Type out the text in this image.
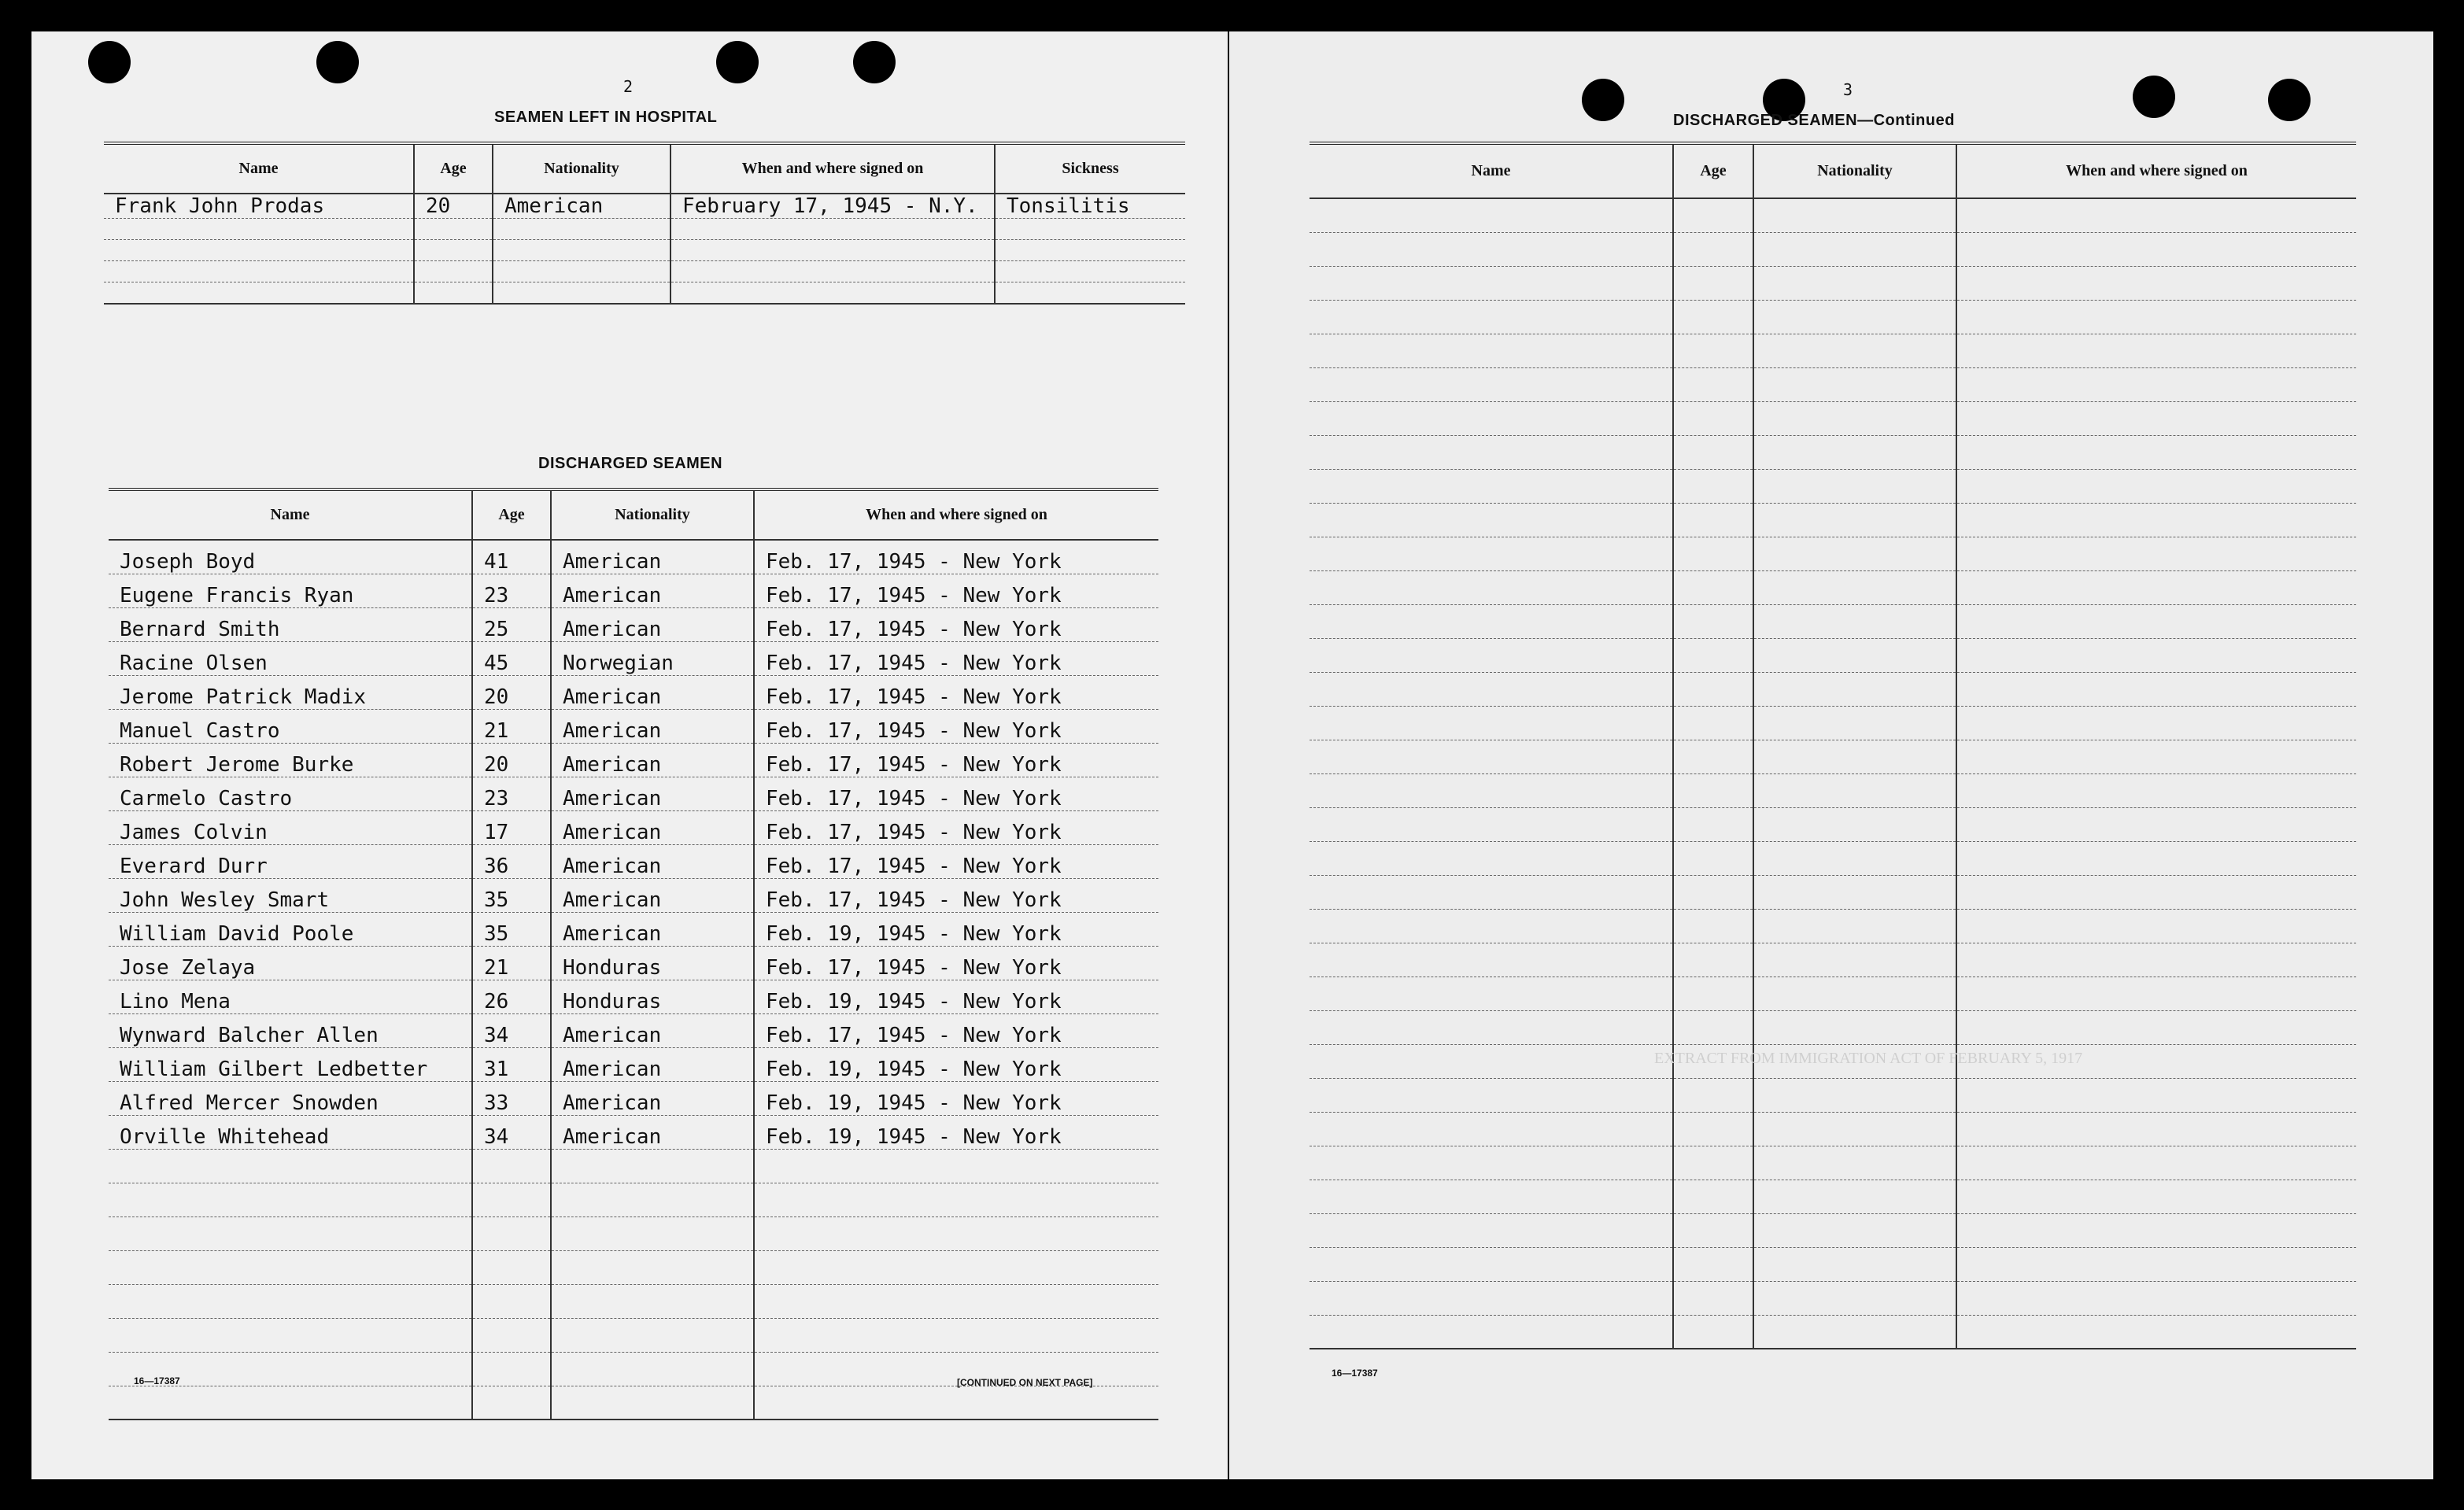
2
SEAMEN LEFT IN HOSPITAL
Name	Age	Nationality	When and where signed on	Sickness
Frank John Prodas	20	American	February 17, 1945 - N.Y.	Tonsilitis

DISCHARGED SEAMEN
Name	Age	Nationality	When and where signed on
Joseph Boyd	41	American	Feb. 17, 1945 - New York
Eugene Francis Ryan	23	American	Feb. 17, 1945 - New York
Bernard Smith	25	American	Feb. 17, 1945 - New York
Racine Olsen	45	Norwegian	Feb. 17, 1945 - New York
Jerome Patrick Madix	20	American	Feb. 17, 1945 - New York
Manuel Castro	21	American	Feb. 17, 1945 - New York
Robert Jerome Burke	20	American	Feb. 17, 1945 - New York
Carmelo Castro	23	American	Feb. 17, 1945 - New York
James Colvin	17	American	Feb. 17, 1945 - New York
Everard Durr	36	American	Feb. 17, 1945 - New York
John Wesley Smart	35	American	Feb. 17, 1945 - New York
William David Poole	35	American	Feb. 19, 1945 - New York
Jose Zelaya	21	Honduras	Feb. 17, 1945 - New York
Lino Mena	26	Honduras	Feb. 19, 1945 - New York
Wynward Balcher Allen	34	American	Feb. 17, 1945 - New York
William Gilbert Ledbetter	31	American	Feb. 19, 1945 - New York
Alfred Mercer Snowden	33	American	Feb. 19, 1945 - New York
Orville Whitehead	34	American	Feb. 19, 1945 - New York

16—17387	[CONTINUED ON NEXT PAGE]
3
DISCHARGED SEAMEN—Continued
Name	Age	Nationality	When and where signed on

EXTRACT FROM IMMIGRATION ACT OF FEBRUARY 5, 1917
16—17387
